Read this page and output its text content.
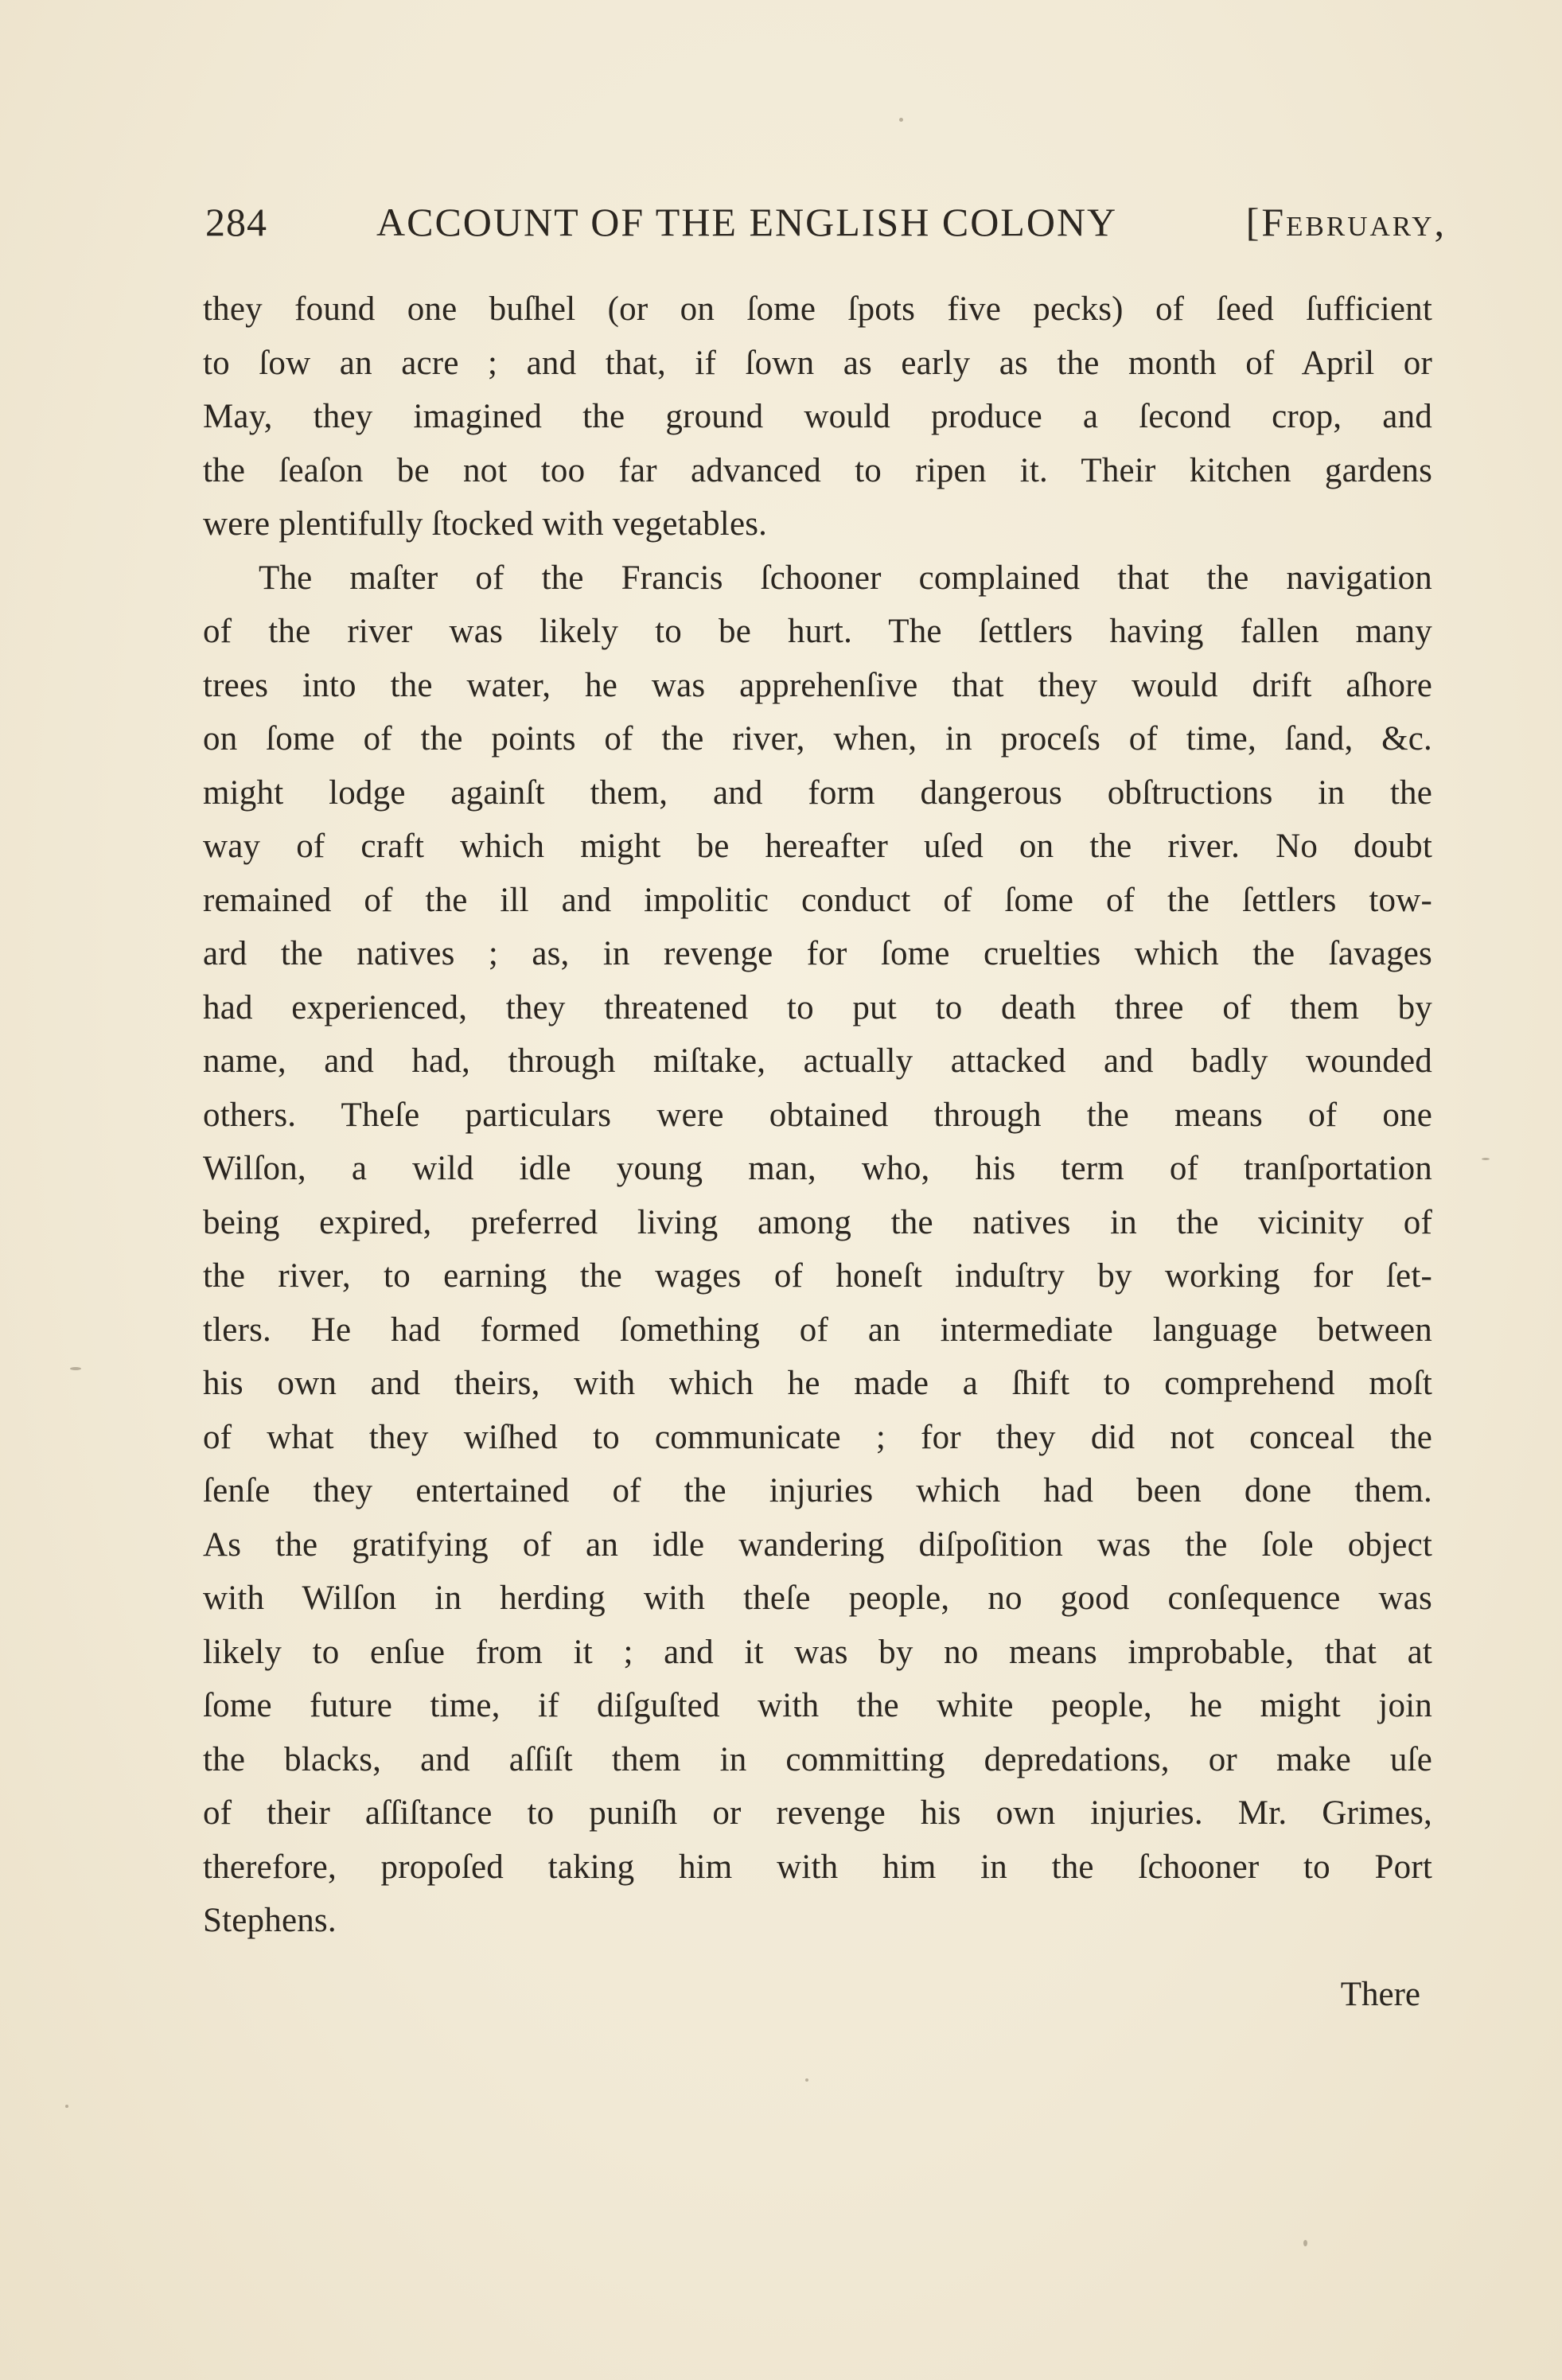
284	ACCOUNT OF THE ENGLISH COLONY	[February,
they found one buſhel (or on ſome ſpots five pecks) of ſeed ſufficient
to ſow an acre ; and that, if ſown as early as the month of April or
May, they imagined the ground would produce a ſecond crop, and
the ſeaſon be not too far advanced to ripen it. Their kitchen gardens
were plentifully ſtocked with vegetables.
The maſter of the Francis ſchooner complained that the navigation
of the river was likely to be hurt. The ſettlers having fallen many
trees into the water, he was apprehenſive that they would drift aſhore
on ſome of the points of the river, when, in proceſs of time, ſand, &c.
might lodge againſt them, and form dangerous obſtructions in the
way of craft which might be hereafter uſed on the river. No doubt
remained of the ill and impolitic conduct of ſome of the ſettlers tow-
ard the natives ; as, in revenge for ſome cruelties which the ſavages
had experienced, they threatened to put to death three of them by
name, and had, through miſtake, actually attacked and badly wounded
others. Theſe particulars were obtained through the means of one
Wilſon, a wild idle young man, who, his term of tranſportation
being expired, preferred living among the natives in the vicinity of
the river, to earning the wages of honeſt induſtry by working for ſet-
tlers. He had formed ſomething of an intermediate language between
his own and theirs, with which he made a ſhift to comprehend moſt
of what they wiſhed to communicate ; for they did not conceal the
ſenſe they entertained of the injuries which had been done them.
As the gratifying of an idle wandering diſpoſition was the ſole object
with Wilſon in herding with theſe people, no good conſequence was
likely to enſue from it ; and it was by no means improbable, that at
ſome future time, if diſguſted with the white people, he might join
the blacks, and aſſiſt them in committing depredations, or make uſe
of their aſſiſtance to puniſh or revenge his own injuries. Mr. Grimes,
therefore, propoſed taking him with him in the ſchooner to Port
Stephens.
There
